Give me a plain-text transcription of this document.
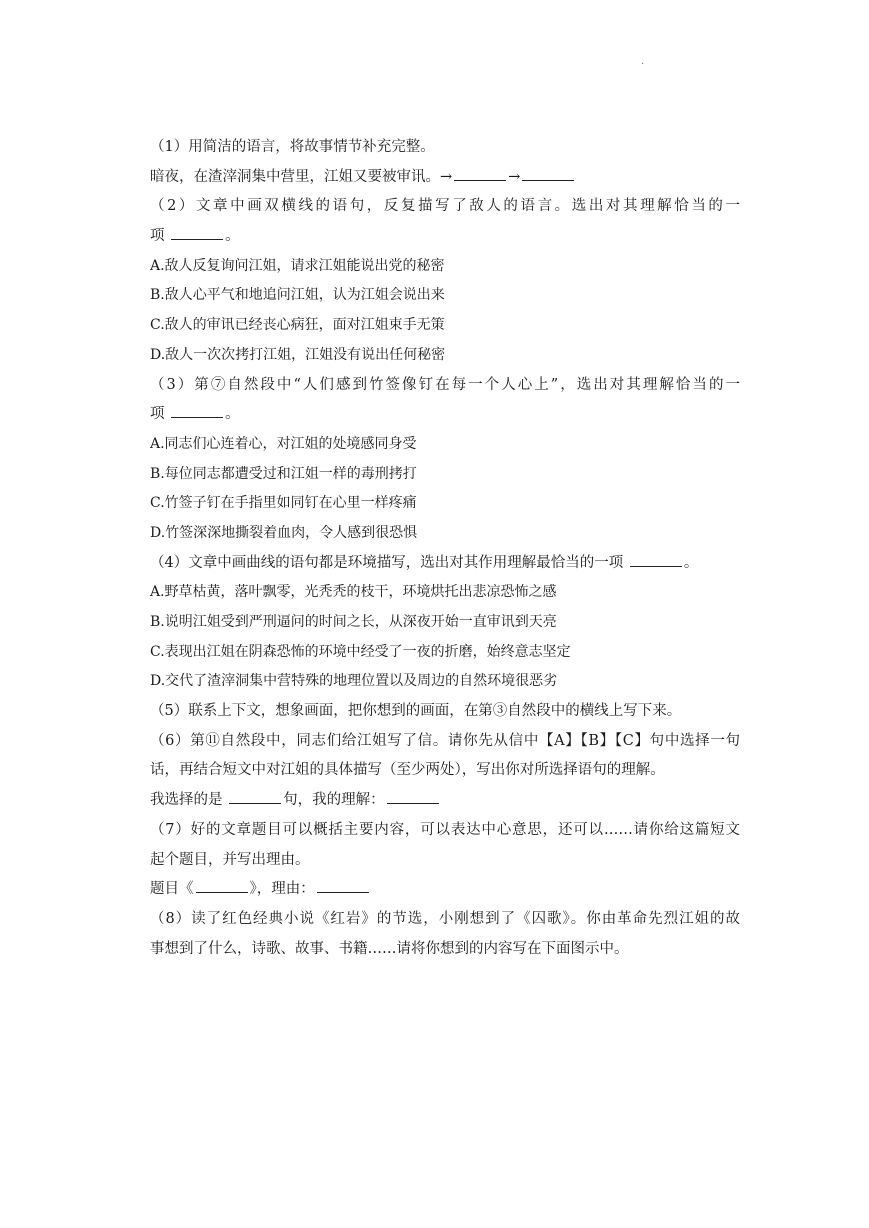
.
（1）用简洁的语言，将故事情节补充完整。
暗夜，在渣滓洞集中营里，江姐又要被审讯。→	→
（2）文章中画双横线的语句，反复描写了敌人的语言。选出对其理解恰当的一
项	。
A.敌人反复询问江姐，请求江姐能说出党的秘密
B.敌人心平气和地追问江姐，认为江姐会说出来
C.敌人的审讯已经丧心病狂，面对江姐束手无策
D.敌人一次次拷打江姐，江姐没有说出任何秘密
（3）第⑦自然段中“人们感到竹签像钉在每一个人心上”，选出对其理解恰当的一
项	。
A.同志们心连着心，对江姐的处境感同身受
B.每位同志都遭受过和江姐一样的毒刑拷打
C.竹签子钉在手指里如同钉在心里一样疼痛
D.竹签深深地撕裂着血肉，令人感到很恐惧
（4）文章中画曲线的语句都是环境描写，选出对其作用理解最恰当的一项	。
A.野草枯黄，落叶飘零，光秃秃的枝干，环境烘托出悲凉恐怖之感
B.说明江姐受到严刑逼问的时间之长，从深夜开始一直审讯到天亮
C.表现出江姐在阴森恐怖的环境中经受了一夜的折磨，始终意志坚定
D.交代了渣滓洞集中营特殊的地理位置以及周边的自然环境很恶劣
（5）联系上下文，想象画面，把你想到的画面，在第③自然段中的横线上写下来。
（6）第⑪自然段中，同志们给江姐写了信。请你先从信中【A】【B】【C】句中选择一句
话，再结合短文中对江姐的具体描写（至少两处），写出你对所选择语句的理解。
我选择的是	句，我的理解：
（7）好的文章题目可以概括主要内容，可以表达中心意思，还可以……请你给这篇短文
起个题目，并写出理由。
题目《	》，理由：
（8）读了红色经典小说《红岩》的节选，小刚想到了《囚歌》。你由革命先烈江姐的故
事想到了什么，诗歌、故事、书籍……请将你想到的内容写在下面图示中。
